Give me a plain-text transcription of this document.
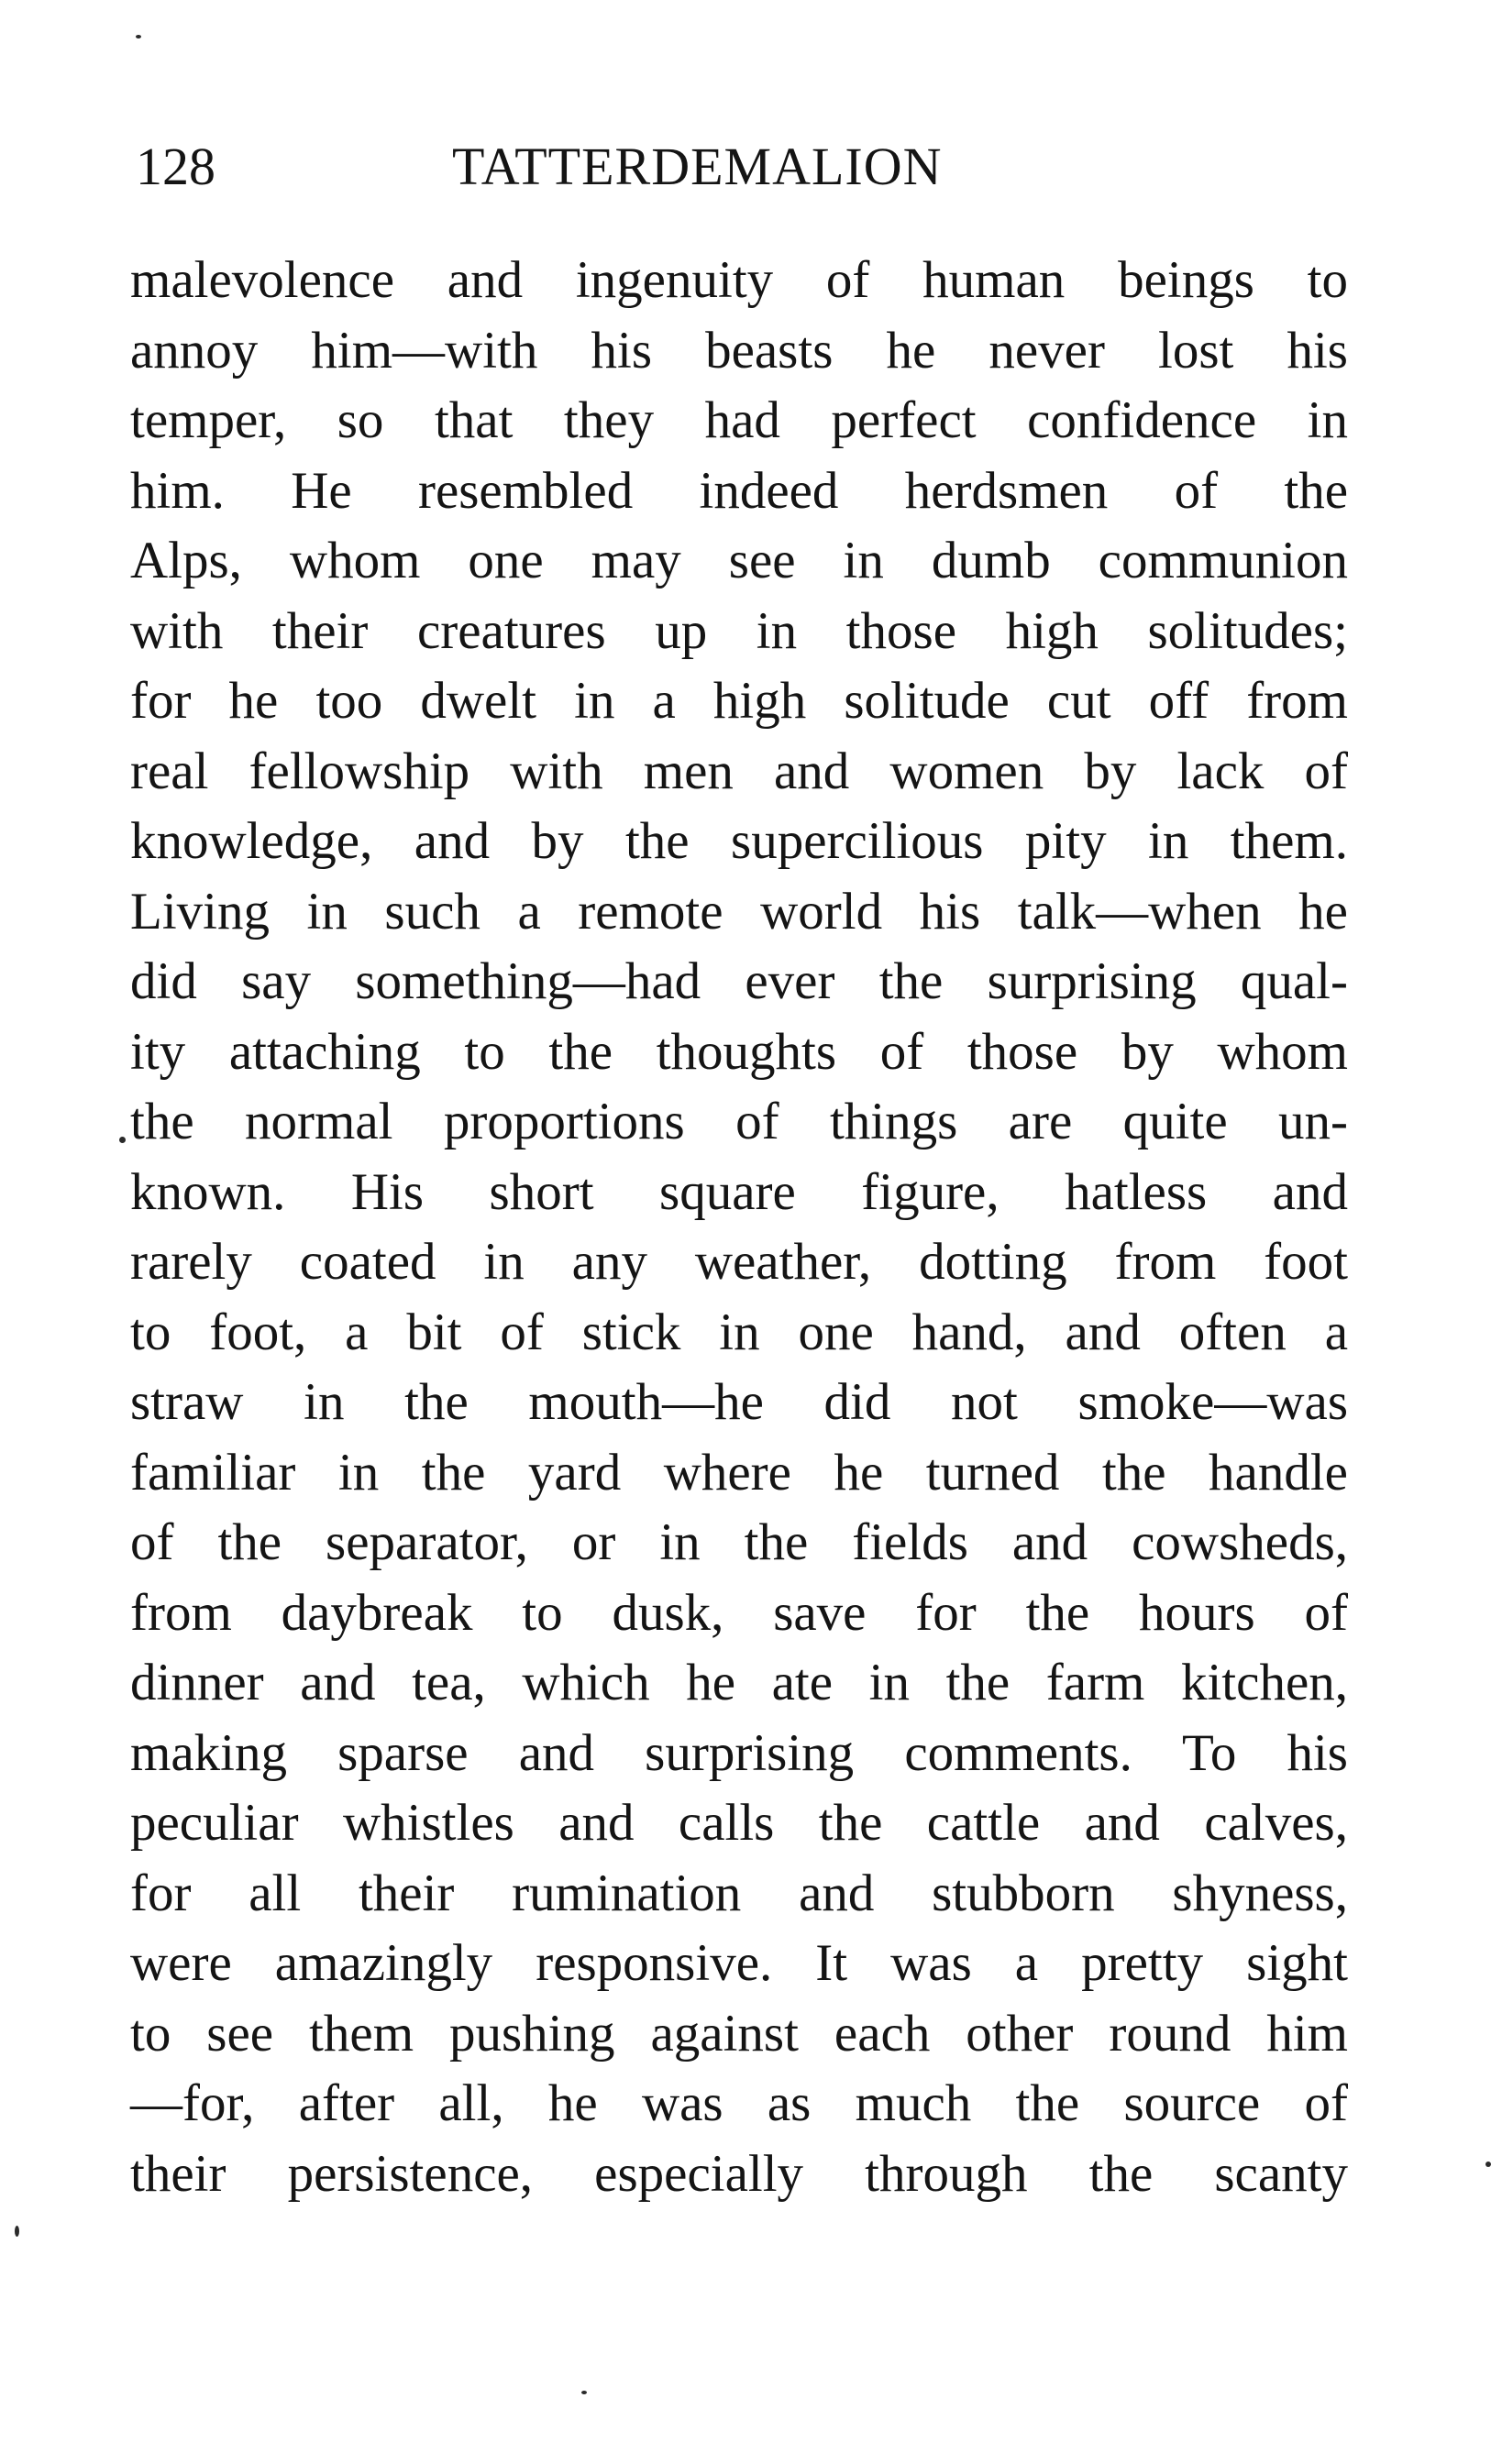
128	TATTERDEMALION
malevolence and ingenuity of human beings to
annoy him—with his beasts he never lost his
temper, so that they had perfect confidence in
him. He resembled indeed herdsmen of the
Alps, whom one may see in dumb communion
with their creatures up in those high solitudes;
for he too dwelt in a high solitude cut off from
real fellowship with men and women by lack of
knowledge, and by the supercilious pity in them.
Living in such a remote world his talk—when he
did say something—had ever the surprising qual-
ity attaching to the thoughts of those by whom
the normal proportions of things are quite un-
known. His short square figure, hatless and
rarely coated in any weather, dotting from foot
to foot, a bit of stick in one hand, and often a
straw in the mouth—he did not smoke—was
familiar in the yard where he turned the handle
of the separator, or in the fields and cowsheds,
from daybreak to dusk, save for the hours of
dinner and tea, which he ate in the farm kitchen,
making sparse and surprising comments. To his
peculiar whistles and calls the cattle and calves,
for all their rumination and stubborn shyness,
were amazingly responsive. It was a pretty sight
to see them pushing against each other round him
—for, after all, he was as much the source of
their persistence, especially through the scanty
